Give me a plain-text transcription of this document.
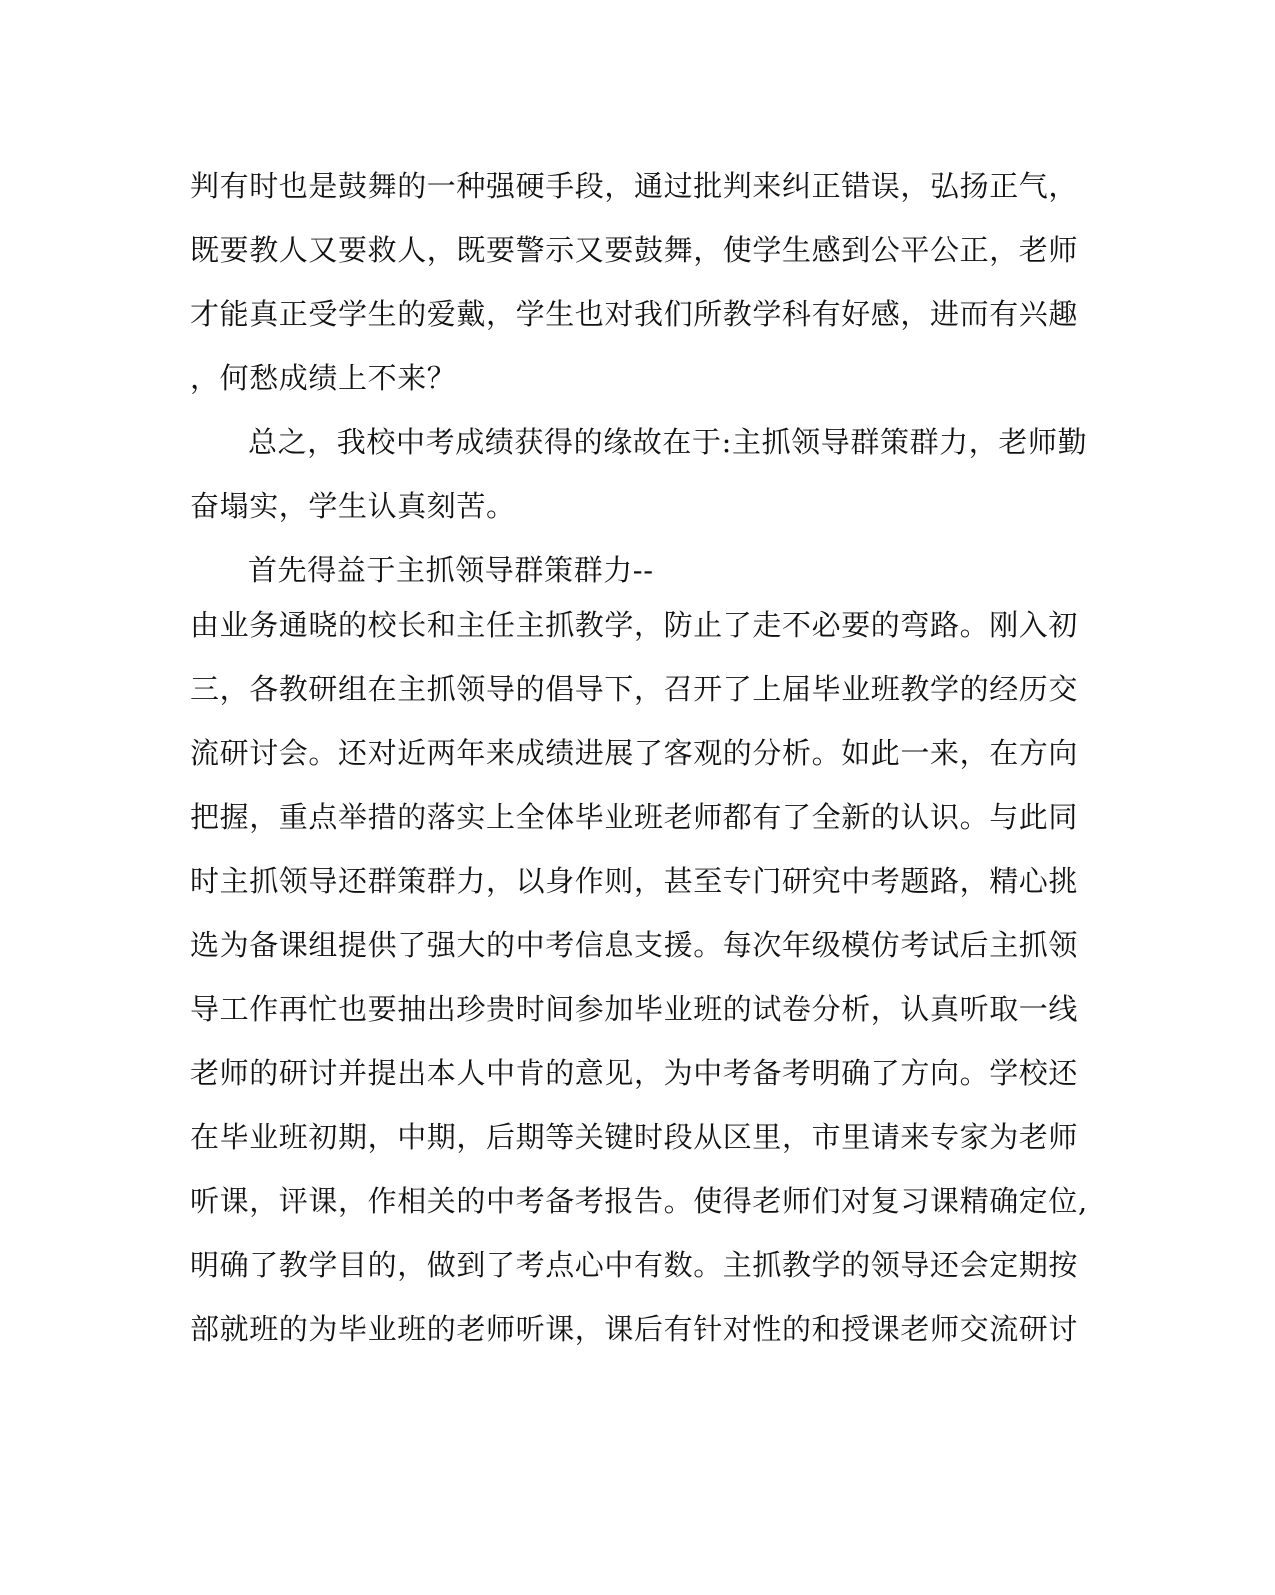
判有时也是鼓舞的一种强硬手段，通过批判来纠正错误，弘扬正气，
既要教人又要救人，既要警示又要鼓舞，使学生感到公平公正，老师
才能真正受学生的爱戴，学生也对我们所教学科有好感，进而有兴趣
，何愁成绩上不来？
总之，我校中考成绩获得的缘故在于:主抓领导群策群力，老师勤
奋塌实，学生认真刻苦。
首先得益于主抓领导群策群力--
由业务通晓的校长和主任主抓教学，防止了走不必要的弯路。刚入初
三，各教研组在主抓领导的倡导下，召开了上届毕业班教学的经历交
流研讨会。还对近两年来成绩进展了客观的分析。如此一来，在方向
把握，重点举措的落实上全体毕业班老师都有了全新的认识。与此同
时主抓领导还群策群力，以身作则，甚至专门研究中考题路，精心挑
选为备课组提供了强大的中考信息支援。每次年级模仿考试后主抓领
导工作再忙也要抽出珍贵时间参加毕业班的试卷分析，认真听取一线
老师的研讨并提出本人中肯的意见，为中考备考明确了方向。学校还
在毕业班初期，中期，后期等关键时段从区里，市里请来专家为老师
听课，评课，作相关的中考备考报告。使得老师们对复习课精确定位,
明确了教学目的，做到了考点心中有数。主抓教学的领导还会定期按
部就班的为毕业班的老师听课，课后有针对性的和授课老师交流研讨
